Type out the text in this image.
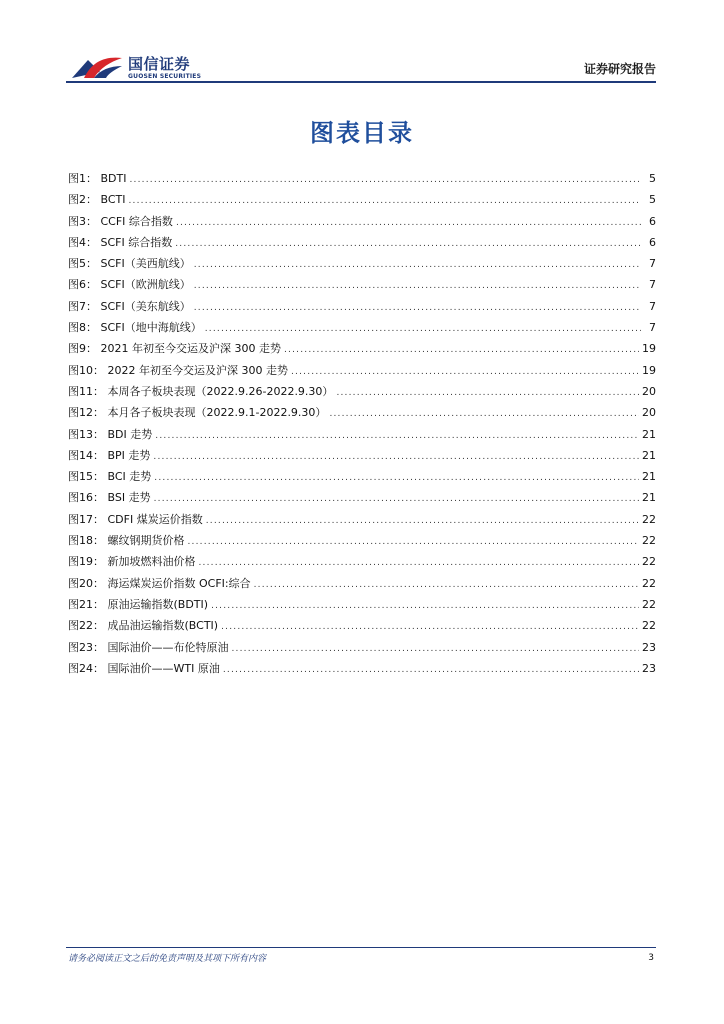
国信证券
GUOSEN SECURITIES
证券研究报告
图表目录
图1： BDTI .....	5
图2： BCTI .....	5
图3： CCFI 综合指数 .....	6
图4： SCFI 综合指数 .....	6
图5： SCFI（美西航线） .....	7
图6： SCFI（欧洲航线） .....	7
图7： SCFI（美东航线） .....	7
图8： SCFI（地中海航线） .....	7
图9： 2021 年初至今交运及沪深 300 走势 .....	19
图10： 2022 年初至今交运及沪深 300 走势 .....	19
图11： 本周各子板块表现（2022.9.26-2022.9.30） .....	20
图12： 本月各子板块表现（2022.9.1-2022.9.30） .....	20
图13： BDI 走势 .....	21
图14： BPI 走势 .....	21
图15： BCI 走势 .....	21
图16： BSI 走势 .....	21
图17： CDFI 煤炭运价指数 .....	22
图18： 螺纹钢期货价格 .....	22
图19： 新加坡燃料油价格 .....	22
图20： 海运煤炭运价指数 OCFI:综合 .....	22
图21： 原油运输指数(BDTI) .....	22
图22： 成品油运输指数(BCTI) .....	22
图23： 国际油价——布伦特原油 .....	23
图24： 国际油价——WTI 原油 .....	23
请务必阅读正文之后的免责声明及其项下所有内容	3
